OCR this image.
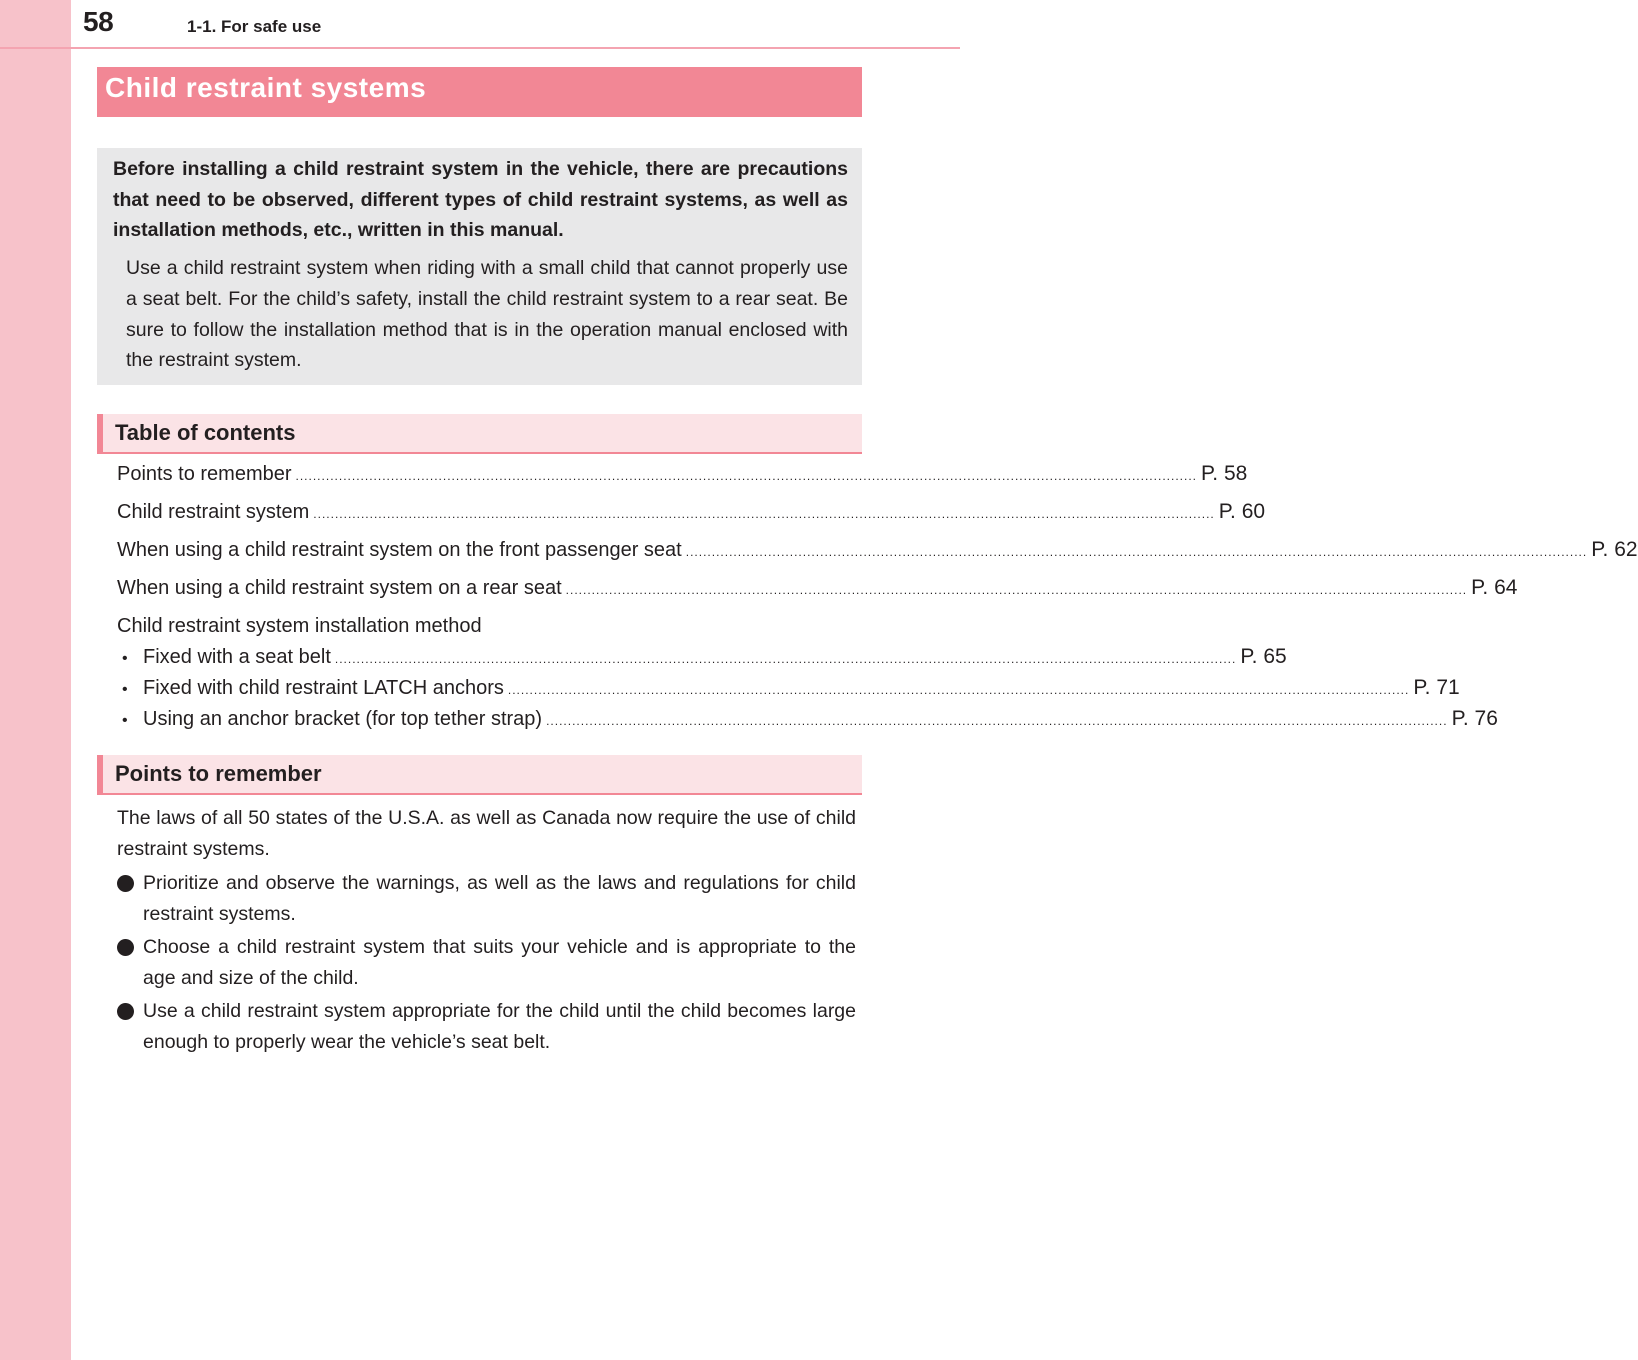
58	1-1. For safe use
Child restraint systems
Before installing a child restraint system in the vehicle, there are precautions that need to be observed, different types of child restraint systems, as well as installation methods, etc., written in this manual.
Use a child restraint system when riding with a small child that cannot properly use a seat belt. For the child’s safety, install the child restraint system to a rear seat. Be sure to follow the installation method that is in the operation manual enclosed with the restraint system.
Table of contents
Points to remember ................................................................................................................................................................................................................ P. 58
Child restraint system ................................................................................................................................................................................................................ P. 60
When using a child restraint system on the front passenger seat ................................................................................................................................................................................................................ P. 62
When using a child restraint system on a rear seat ................................................................................................................................................................................................................ P. 64
Child restraint system installation method
• Fixed with a seat belt ................................................................................................................................................................................................................ P. 65
• Fixed with child restraint LATCH anchors ................................................................................................................................................................................................................ P. 71
• Using an anchor bracket (for top tether strap) ................................................................................................................................................................................................................ P. 76
Points to remember
The laws of all 50 states of the U.S.A. as well as Canada now require the use of child restraint systems.
Prioritize and observe the warnings, as well as the laws and regulations for child restraint systems.
Choose a child restraint system that suits your vehicle and is appropriate to the age and size of the child.
Use a child restraint system appropriate for the child until the child becomes large enough to properly wear the vehicle’s seat belt.
